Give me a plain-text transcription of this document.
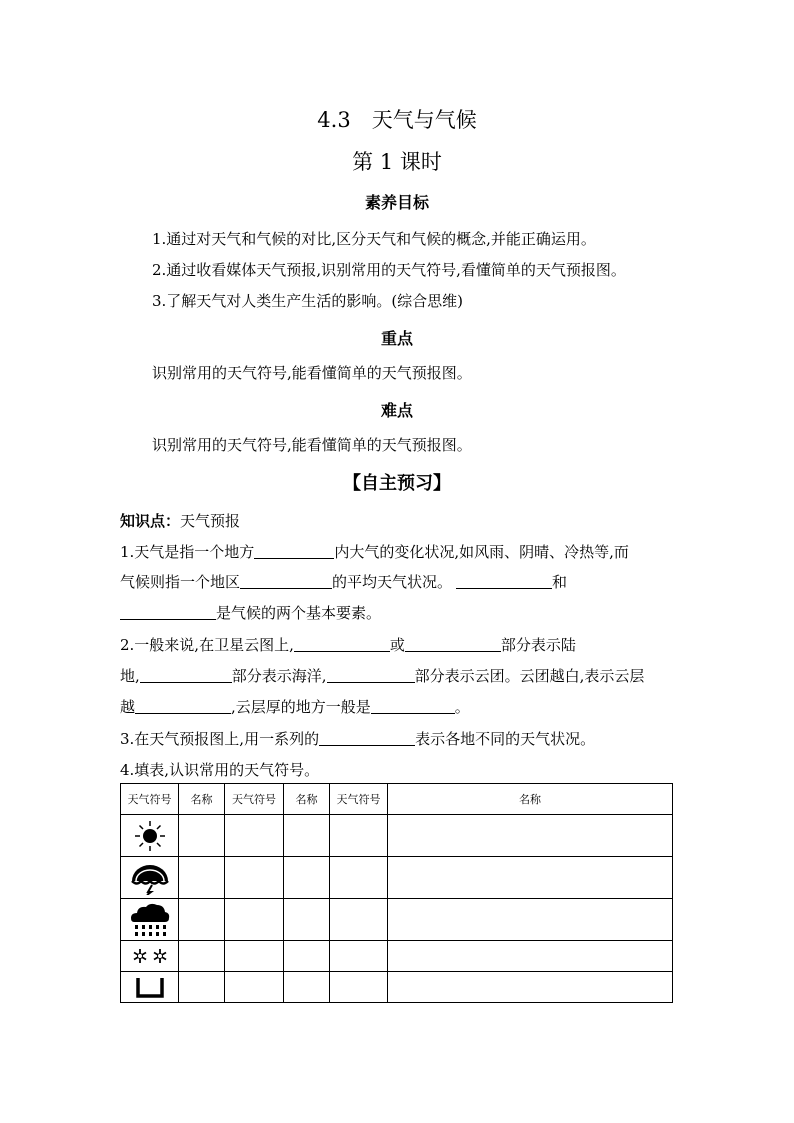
4.3　天气与气候
第 1 课时
素养目标
1.通过对天气和气候的对比,区分天气和气候的概念,并能正确运用。
2.通过收看媒体天气预报,识别常用的天气符号,看懂简单的天气预报图。
3.了解天气对人类生产生活的影响。(综合思维)
重点
识别常用的天气符号,能看懂简单的天气预报图。
难点
识别常用的天气符号,能看懂简单的天气预报图。
【自主预习】
知识点：天气预报
1.天气是指一个地方	内大气的变化状况,如风雨、阴晴、冷热等,而
气候则指一个地区	的平均天气状况。	和
是气候的两个基本要素。
2.一般来说,在卫星云图上,	或	部分表示陆
地,	部分表示海洋,	部分表示云团。云团越白,表示云层
越	,云层厚的地方一般是	。
3.在天气预报图上,用一系列的	表示各地不同的天气状况。
4.填表,认识常用的天气符号。
天气符号	名称	天气符号	名称	天气符号	名称
